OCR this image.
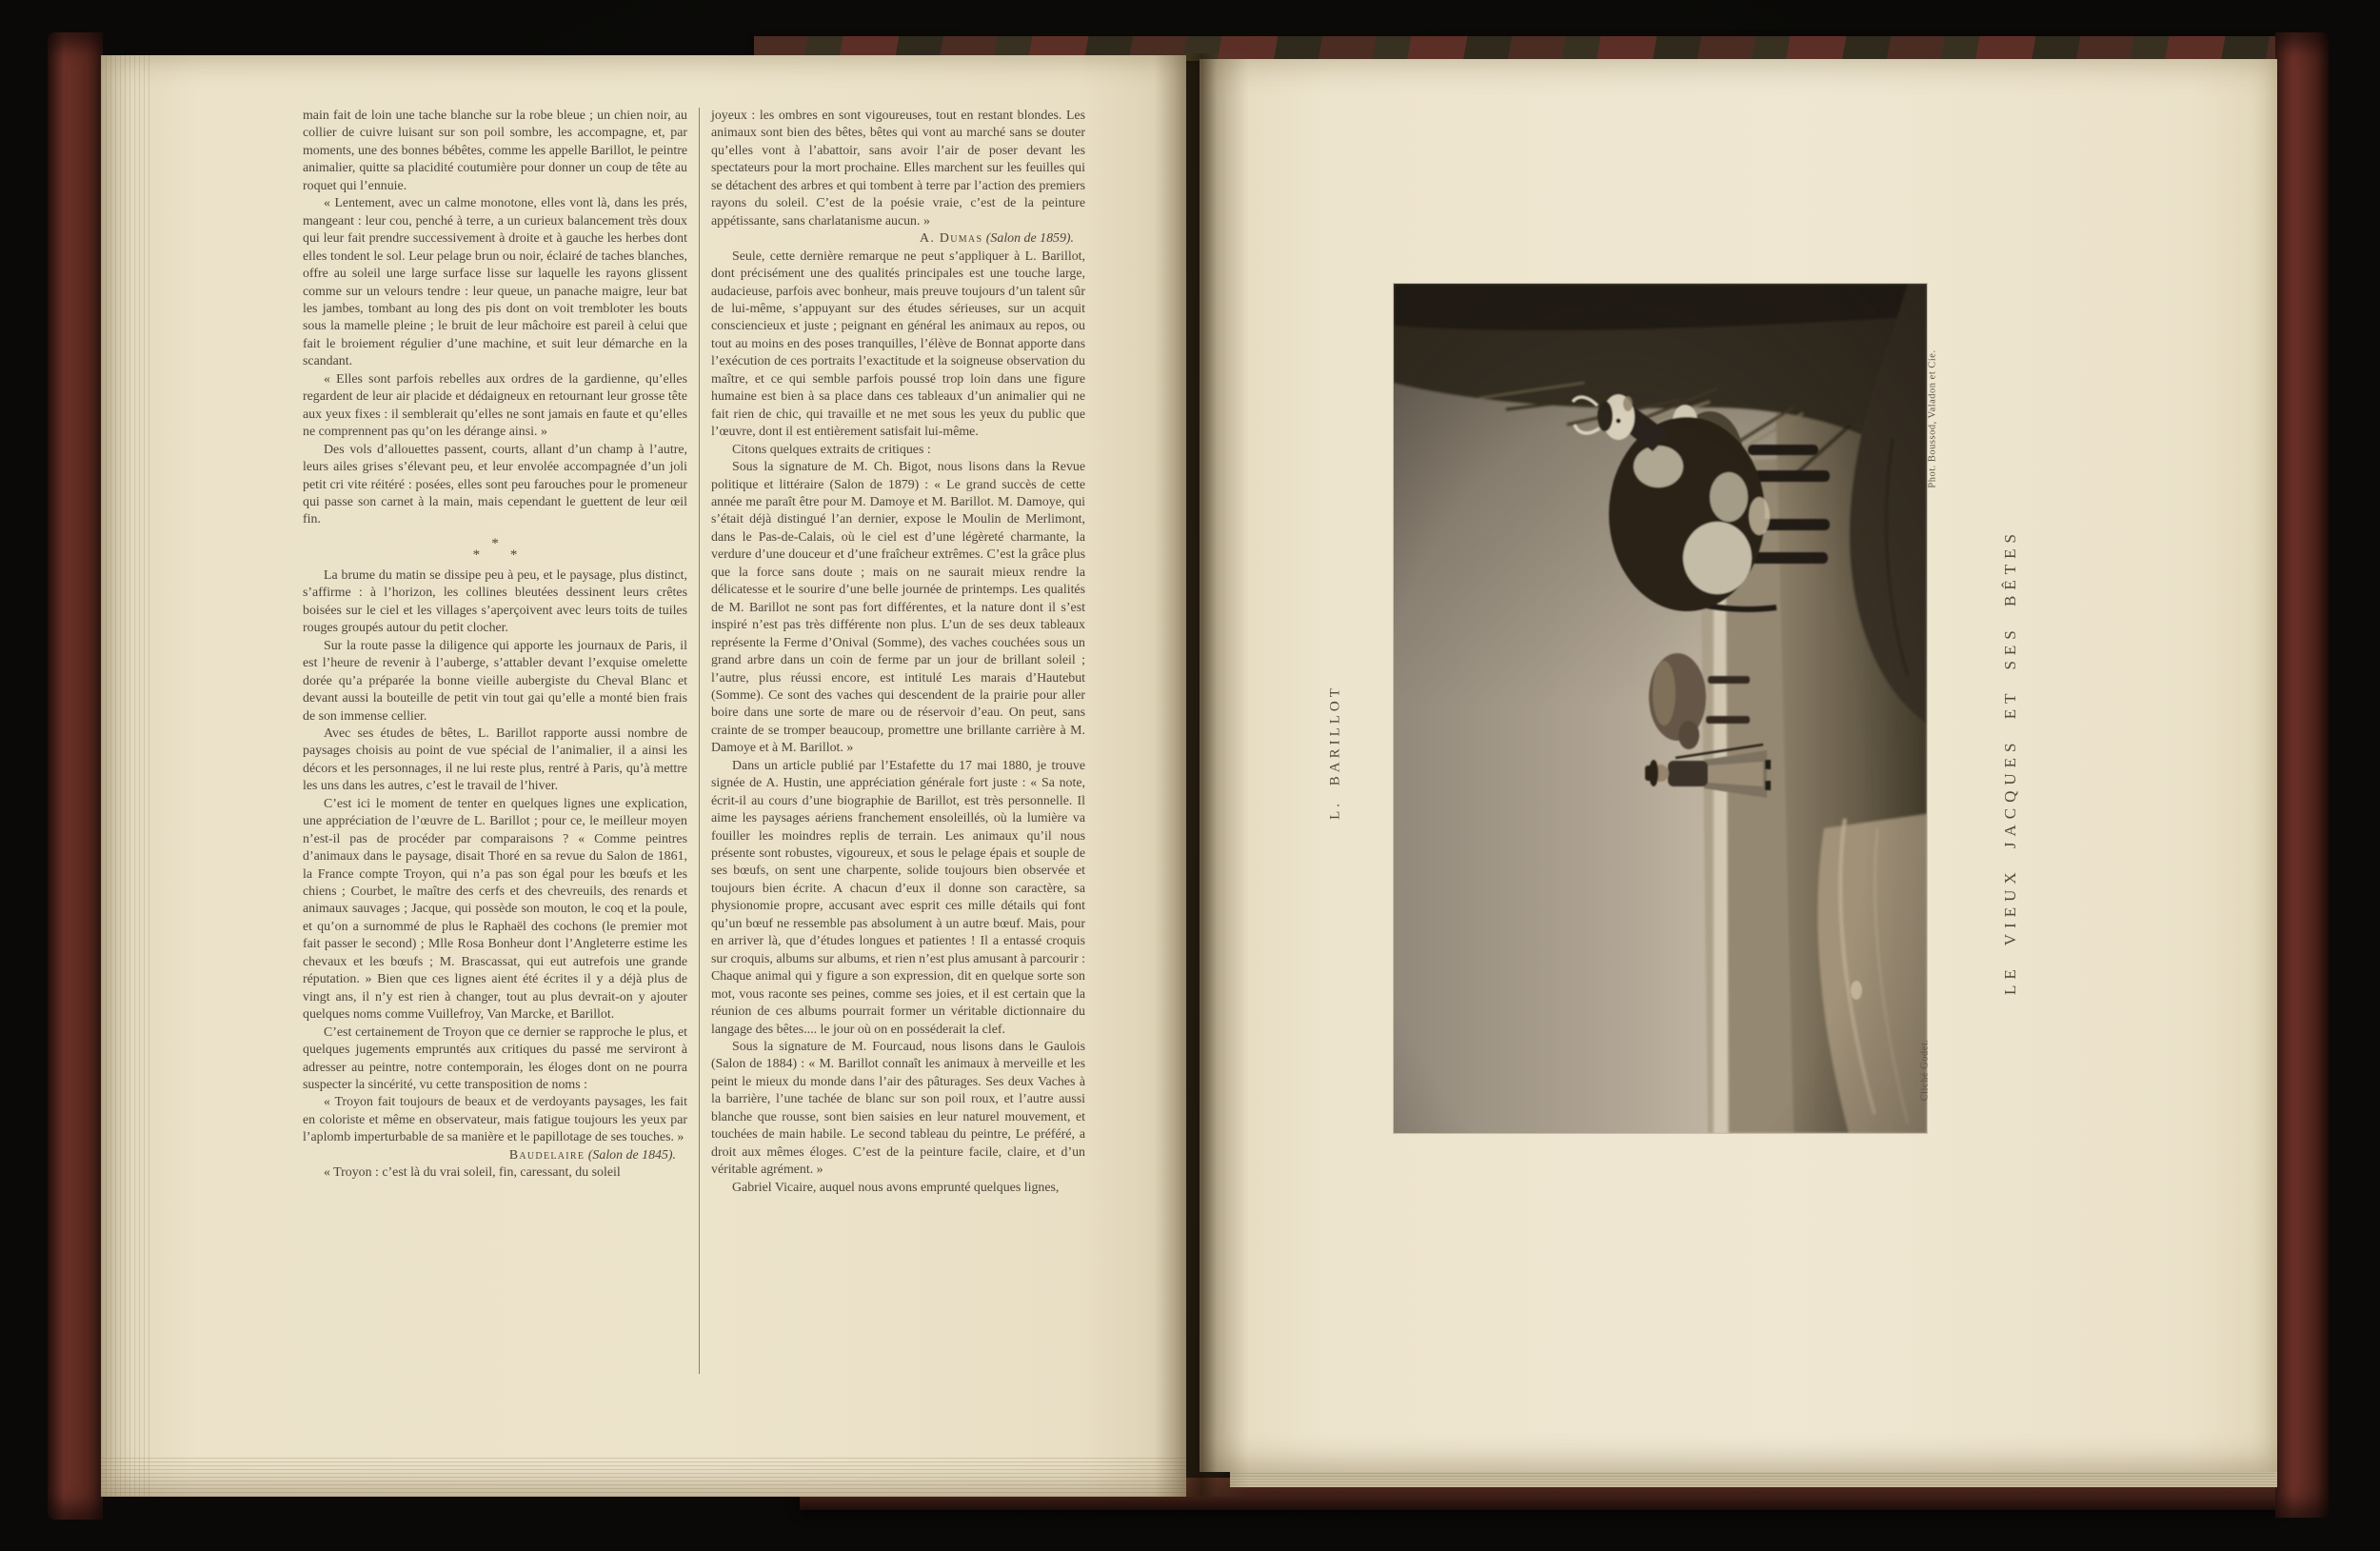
main fait de loin une tache blanche sur la robe bleue ; un chien noir, au collier de cuivre luisant sur son poil sombre, les accompagne, et, par moments, une des bonnes bébêtes, comme les appelle Barillot, le peintre animalier, quitte sa placidité coutumière pour donner un coup de tête au roquet qui l’ennuie.

« Lentement, avec un calme monotone, elles vont là, dans les prés, mangeant : leur cou, penché à terre, a un curieux balancement très doux qui leur fait prendre successivement à droite et à gauche les herbes dont elles tondent le sol. Leur pelage brun ou noir, éclairé de taches blanches, offre au soleil une large surface lisse sur laquelle les rayons glissent comme sur un velours tendre : leur queue, un panache maigre, leur bat les jambes, tombant au long des pis dont on voit trembloter les bouts sous la mamelle pleine ; le bruit de leur mâchoire est pareil à celui que fait le broiement régulier d’une machine, et suit leur démarche en la scandant.

« Elles sont parfois rebelles aux ordres de la gardienne, qu’elles regardent de leur air placide et dédaigneux en retournant leur grosse tête aux yeux fixes : il semblerait qu’elles ne sont jamais en faute et qu’elles ne comprennent pas qu’on les dérange ainsi. »

Des vols d’allouettes passent, courts, allant d’un champ à l’autre, leurs ailes grises s’élevant peu, et leur envolée accompagnée d’un joli petit cri vite réitéré : posées, elles sont peu farouches pour le promeneur qui passe son carnet à la main, mais cependant le guettent de leur œil fin.

*
* *

La brume du matin se dissipe peu à peu, et le paysage, plus distinct, s’affirme : à l’horizon, les collines bleutées dessinent leurs crêtes boisées sur le ciel et les villages s’aperçoivent avec leurs toits de tuiles rouges groupés autour du petit clocher.

Sur la route passe la diligence qui apporte les journaux de Paris, il est l’heure de revenir à l’auberge, s’attabler devant l’exquise omelette dorée qu’a préparée la bonne vieille aubergiste du Cheval Blanc et devant aussi la bouteille de petit vin tout gai qu’elle a monté bien frais de son immense cellier.

Avec ses études de bêtes, L. Barillot rapporte aussi nombre de paysages choisis au point de vue spécial de l’animalier, il a ainsi les décors et les personnages, il ne lui reste plus, rentré à Paris, qu’à mettre les uns dans les autres, c’est le travail de l’hiver.

C’est ici le moment de tenter en quelques lignes une explication, une appréciation de l’œuvre de L. Barillot ; pour ce, le meilleur moyen n’est-il pas de procéder par comparaisons ? « Comme peintres d’animaux dans le paysage, disait Thoré en sa revue du Salon de 1861, la France compte Troyon, qui n’a pas son égal pour les bœufs et les chiens ; Courbet, le maître des cerfs et des chevreuils, des renards et animaux sauvages ; Jacque, qui possède son mouton, le coq et la poule, et qu’on a surnommé de plus le Raphaël des cochons (le premier mot fait passer le second) ; Mlle Rosa Bonheur dont l’Angleterre estime les chevaux et les bœufs ; M. Brascassat, qui eut autrefois une grande réputation. » Bien que ces lignes aient été écrites il y a déjà plus de vingt ans, il n’y est rien à changer, tout au plus devrait-on y ajouter quelques noms comme Vuillefroy, Van Marcke, et Barillot.

C’est certainement de Troyon que ce dernier se rapproche le plus, et quelques jugements empruntés aux critiques du passé me serviront à adresser au peintre, notre contemporain, les éloges dont on ne pourra suspecter la sincérité, vu cette transposition de noms :

« Troyon fait toujours de beaux et de verdoyants paysages, les fait en coloriste et même en observateur, mais fatigue toujours les yeux par l’aplomb imperturbable de sa manière et le papillotage de ses touches. »

Baudelaire (Salon de 1845).

« Troyon : c’est là du vrai soleil, fin, caressant, du soleil

joyeux : les ombres en sont vigoureuses, tout en restant blondes. Les animaux sont bien des bêtes, bêtes qui vont au marché sans se douter qu’elles vont à l’abattoir, sans avoir l’air de poser devant les spectateurs pour la mort prochaine. Elles marchent sur les feuilles qui se détachent des arbres et qui tombent à terre par l’action des premiers rayons du soleil. C’est de la poésie vraie, c’est de la peinture appétissante, sans charlatanisme aucun. »

A. Dumas (Salon de 1859).

Seule, cette dernière remarque ne peut s’appliquer à L. Barillot, dont précisément une des qualités principales est une touche large, audacieuse, parfois avec bonheur, mais preuve toujours d’un talent sûr de lui-même, s’appuyant sur des études sérieuses, sur un acquit consciencieux et juste ; peignant en général les animaux au repos, ou tout au moins en des poses tranquilles, l’élève de Bonnat apporte dans l’exécution de ces portraits l’exactitude et la soigneuse observation du maître, et ce qui semble parfois poussé trop loin dans une figure humaine est bien à sa place dans ces tableaux d’un animalier qui ne fait rien de chic, qui travaille et ne met sous les yeux du public que l’œuvre, dont il est entièrement satisfait lui-même.

Citons quelques extraits de critiques :

Sous la signature de M. Ch. Bigot, nous lisons dans la Revue politique et littéraire (Salon de 1879) : « Le grand succès de cette année me paraît être pour M. Damoye et M. Barillot. M. Damoye, qui s’était déjà distingué l’an dernier, expose le Moulin de Merlimont, dans le Pas-de-Calais, où le ciel est d’une légèreté charmante, la verdure d’une douceur et d’une fraîcheur extrêmes. C’est la grâce plus que la force sans doute ; mais on ne saurait mieux rendre la délicatesse et le sourire d’une belle journée de printemps. Les qualités de M. Barillot ne sont pas fort différentes, et la nature dont il s’est inspiré n’est pas très différente non plus. L’un de ses deux tableaux représente la Ferme d’Onival (Somme), des vaches couchées sous un grand arbre dans un coin de ferme par un jour de brillant soleil ; l’autre, plus réussi encore, est intitulé Les marais d’Hautebut (Somme). Ce sont des vaches qui descendent de la prairie pour aller boire dans une sorte de mare ou de réservoir d’eau. On peut, sans crainte de se tromper beaucoup, promettre une brillante carrière à M. Damoye et à M. Barillot. »

Dans un article publié par l’Estafette du 17 mai 1880, je trouve signée de A. Hustin, une appréciation générale fort juste : « Sa note, écrit-il au cours d’une biographie de Barillot, est très personnelle. Il aime les paysages aériens franchement ensoleillés, où la lumière va fouiller les moindres replis de terrain. Les animaux qu’il nous présente sont robustes, vigoureux, et sous le pelage épais et souple de ses bœufs, on sent une charpente, solide toujours bien observée et toujours bien écrite. A chacun d’eux il donne son caractère, sa physionomie propre, accusant avec esprit ces mille détails qui font qu’un bœuf ne ressemble pas absolument à un autre bœuf. Mais, pour en arriver là, que d’études longues et patientes ! Il a entassé croquis sur croquis, albums sur albums, et rien n’est plus amusant à parcourir : Chaque animal qui y figure a son expression, dit en quelque sorte son mot, vous raconte ses peines, comme ses joies, et il est certain que la réunion de ces albums pourrait former un véritable dictionnaire du langage des bêtes.... le jour où on en posséderait la clef.

Sous la signature de M. Fourcaud, nous lisons dans le Gaulois (Salon de 1884) : « M. Barillot connaît les animaux à merveille et les peint le mieux du monde dans l’air des pâturages. Ses deux Vaches à la barrière, l’une tachée de blanc sur son poil roux, et l’autre aussi blanche que rousse, sont bien saisies en leur naturel mouvement, et touchées de main habile. Le second tableau du peintre, Le préféré, a droit aux mêmes éloges. C’est de la peinture facile, claire, et d’un véritable agrément. »

Gabriel Vicaire, auquel nous avons emprunté quelques lignes,

L. BARILLOT	LE VIEUX JACQUES ET SES BÊTES
Phot. Boussod, Valadon et Cie.
Cliché Godet.
